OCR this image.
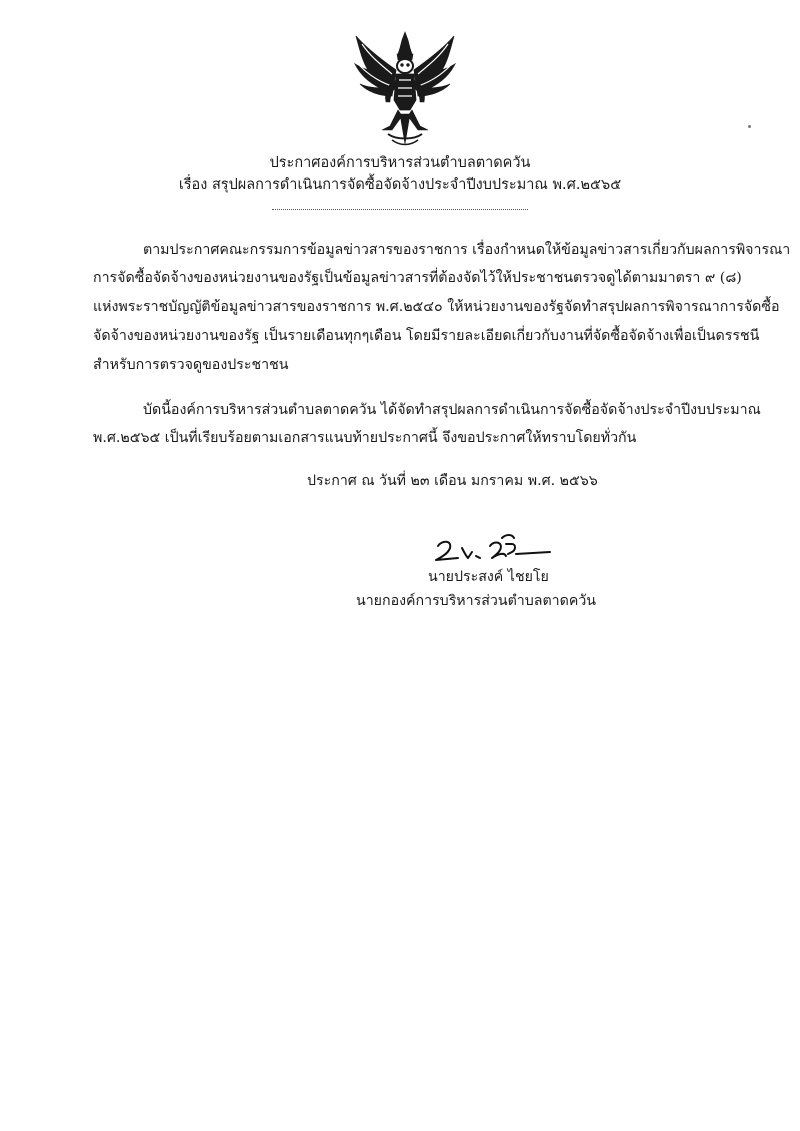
ประกาศองค์การบริหารส่วนตำบลตาดควัน
เรื่อง สรุปผลการดำเนินการจัดซื้อจัดจ้างประจำปีงบประมาณ พ.ศ.๒๕๖๕
ตามประกาศคณะกรรมการข้อมูลข่าวสารของราชการ เรื่องกำหนดให้ข้อมูลข่าวสารเกี่ยวกับผลการพิจารณา
การจัดซื้อจัดจ้างของหน่วยงานของรัฐเป็นข้อมูลข่าวสารที่ต้องจัดไว้ให้ประชาชนตรวจดูได้ตามมาตรา ๙ (๘)
แห่งพระราชบัญญัติข้อมูลข่าวสารของราชการ พ.ศ.๒๕๔๐ ให้หน่วยงานของรัฐจัดทำสรุปผลการพิจารณาการจัดซื้อ
จัดจ้างของหน่วยงานของรัฐ เป็นรายเดือนทุกๆเดือน โดยมีรายละเอียดเกี่ยวกับงานที่จัดซื้อจัดจ้างเพื่อเป็นดรรชนี
สำหรับการตรวจดูของประชาชน
บัดนี้องค์การบริหารส่วนตำบลตาดควัน ได้จัดทำสรุปผลการดำเนินการจัดซื้อจัดจ้างประจำปีงบประมาณ
พ.ศ.๒๕๖๕ เป็นที่เรียบร้อยตามเอกสารแนบท้ายประกาศนี้ จึงขอประกาศให้ทราบโดยทั่วกัน
ประกาศ ณ วันที่ ๒๓ เดือน มกราคม พ.ศ. ๒๕๖๖
นายประสงค์ ไชยโย
นายกองค์การบริหารส่วนตำบลตาดควัน
